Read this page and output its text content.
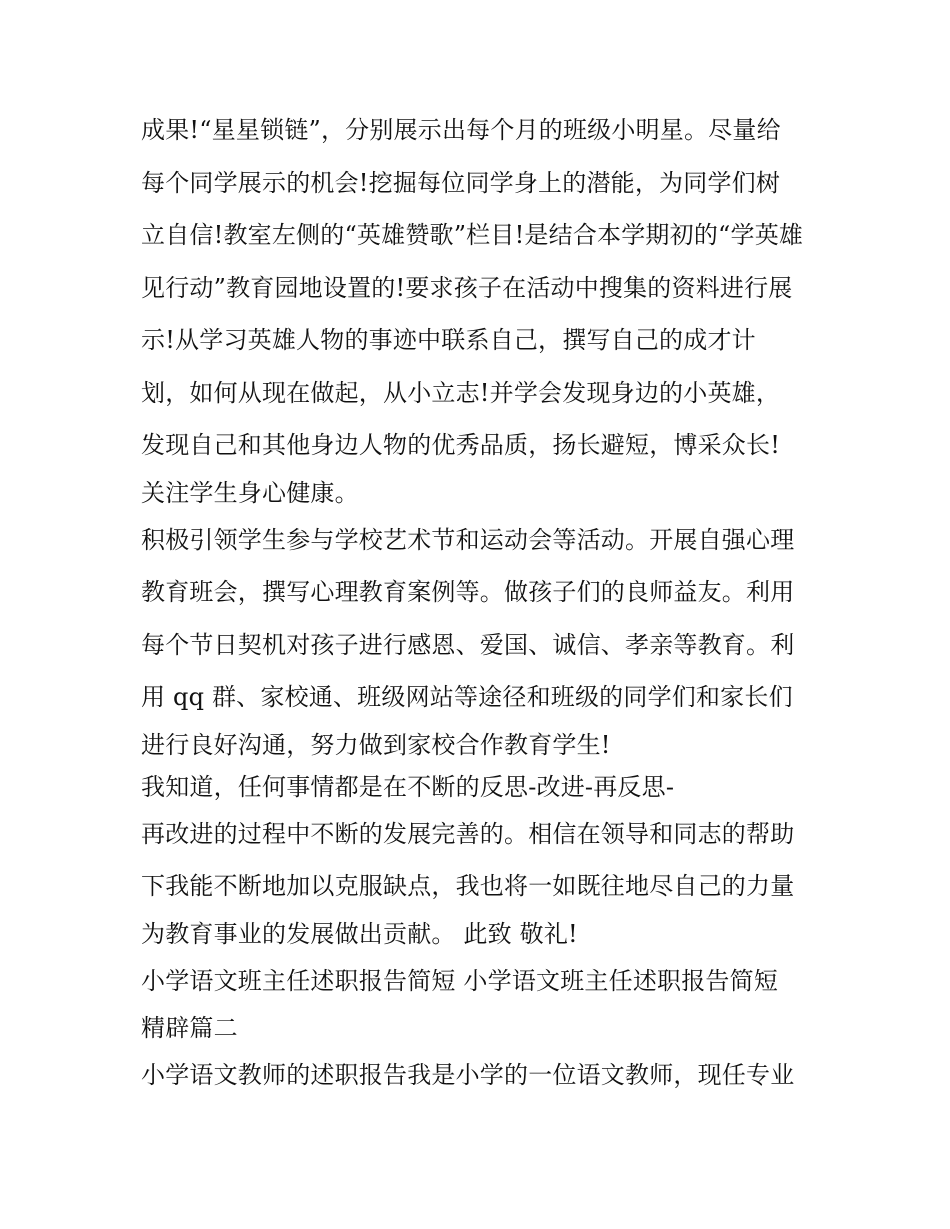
成果!“星星锁链”，分别展示出每个月的班级小明星。尽量给
每个同学展示的机会!挖掘每位同学身上的潜能，为同学们树
立自信!教室左侧的“英雄赞歌”栏目!是结合本学期初的“学英雄
见行动”教育园地设置的!要求孩子在活动中搜集的资料进行展
示!从学习英雄人物的事迹中联系自己，撰写自己的成才计
划，如何从现在做起，从小立志!并学会发现身边的小英雄，
发现自己和其他身边人物的优秀品质，扬长避短，博采众长!
关注学生身心健康。
积极引领学生参与学校艺术节和运动会等活动。开展自强心理
教育班会，撰写心理教育案例等。做孩子们的良师益友。利用
每个节日契机对孩子进行感恩、爱国、诚信、孝亲等教育。利
用 qq 群、家校通、班级网站等途径和班级的同学们和家长们
进行良好沟通，努力做到家校合作教育学生!
我知道，任何事情都是在不断的反思-改进-再反思-
再改进的过程中不断的发展完善的。相信在领导和同志的帮助
下我能不断地加以克服缺点，我也将一如既往地尽自己的力量
为教育事业的发展做出贡献。 此致 敬礼!
小学语文班主任述职报告简短 小学语文班主任述职报告简短
精辟篇二
小学语文教师的述职报告我是小学的一位语文教师，现任专业
